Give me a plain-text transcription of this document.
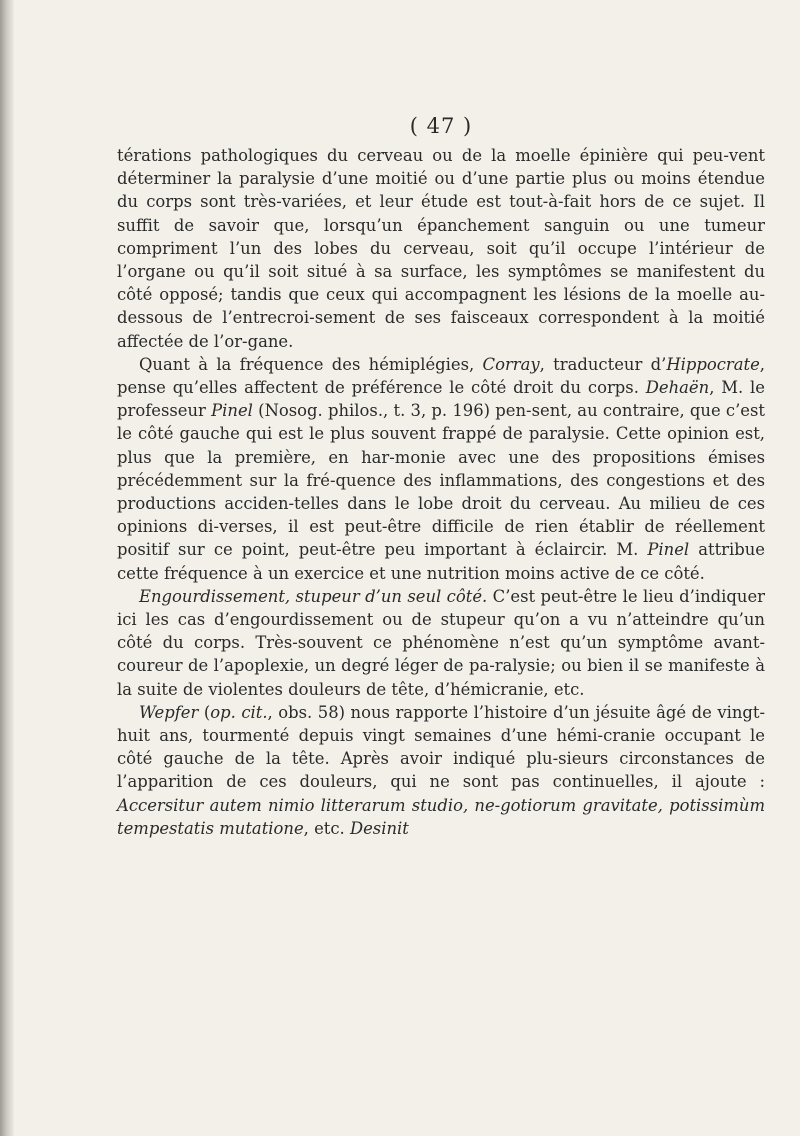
( 47 )

térations pathologiques du cerveau ou de la moelle épinière qui peu-vent déterminer la paralysie d’une moitié ou d’une partie plus ou moins étendue du corps sont très-variées, et leur étude est tout-à-fait hors de ce sujet. Il suffit de savoir que, lorsqu’un épanchement sanguin ou une tumeur compriment l’un des lobes du cerveau, soit qu’il occupe l’intérieur de l’organe ou qu’il soit situé à sa surface, les symptômes se manifestent du côté opposé; tandis que ceux qui accompagnent les lésions de la moelle au-dessous de l’entrecroi-sement de ses faisceaux correspondent à la moitié affectée de l’or-gane.

Quant à la fréquence des hémiplégies, Corray, traducteur d’Hippocrate, pense qu’elles affectent de préférence le côté droit du corps. Dehaën, M. le professeur Pinel (Nosog. philos., t. 3, p. 196) pen-sent, au contraire, que c’est le côté gauche qui est le plus souvent frappé de paralysie. Cette opinion est, plus que la première, en har-monie avec une des propositions émises précédemment sur la fré-quence des inflammations, des congestions et des productions acciden-telles dans le lobe droit du cerveau. Au milieu de ces opinions di-verses, il est peut-être difficile de rien établir de réellement positif sur ce point, peut-être peu important à éclaircir. M. Pinel attribue cette fréquence à un exercice et une nutrition moins active de ce côté.

Engourdissement, stupeur d’un seul côté. C’est peut-être le lieu d’indiquer ici les cas d’engourdissement ou de stupeur qu’on a vu n’atteindre qu’un côté du corps. Très-souvent ce phénomène n’est qu’un symptôme avant-coureur de l’apoplexie, un degré léger de pa-ralysie; ou bien il se manifeste à la suite de violentes douleurs de tête, d’hémicranie, etc.

Wepfer (op. cit., obs. 58) nous rapporte l’histoire d’un jésuite âgé de vingt-huit ans, tourmenté depuis vingt semaines d’une hémi-cranie occupant le côté gauche de la tête. Après avoir indiqué plu-sieurs circonstances de l’apparition de ces douleurs, qui ne sont pas continuelles, il ajoute : Accersitur autem nimio litterarum studio, ne-gotiorum gravitate, potissimùm tempestatis mutatione, etc. Desinit
